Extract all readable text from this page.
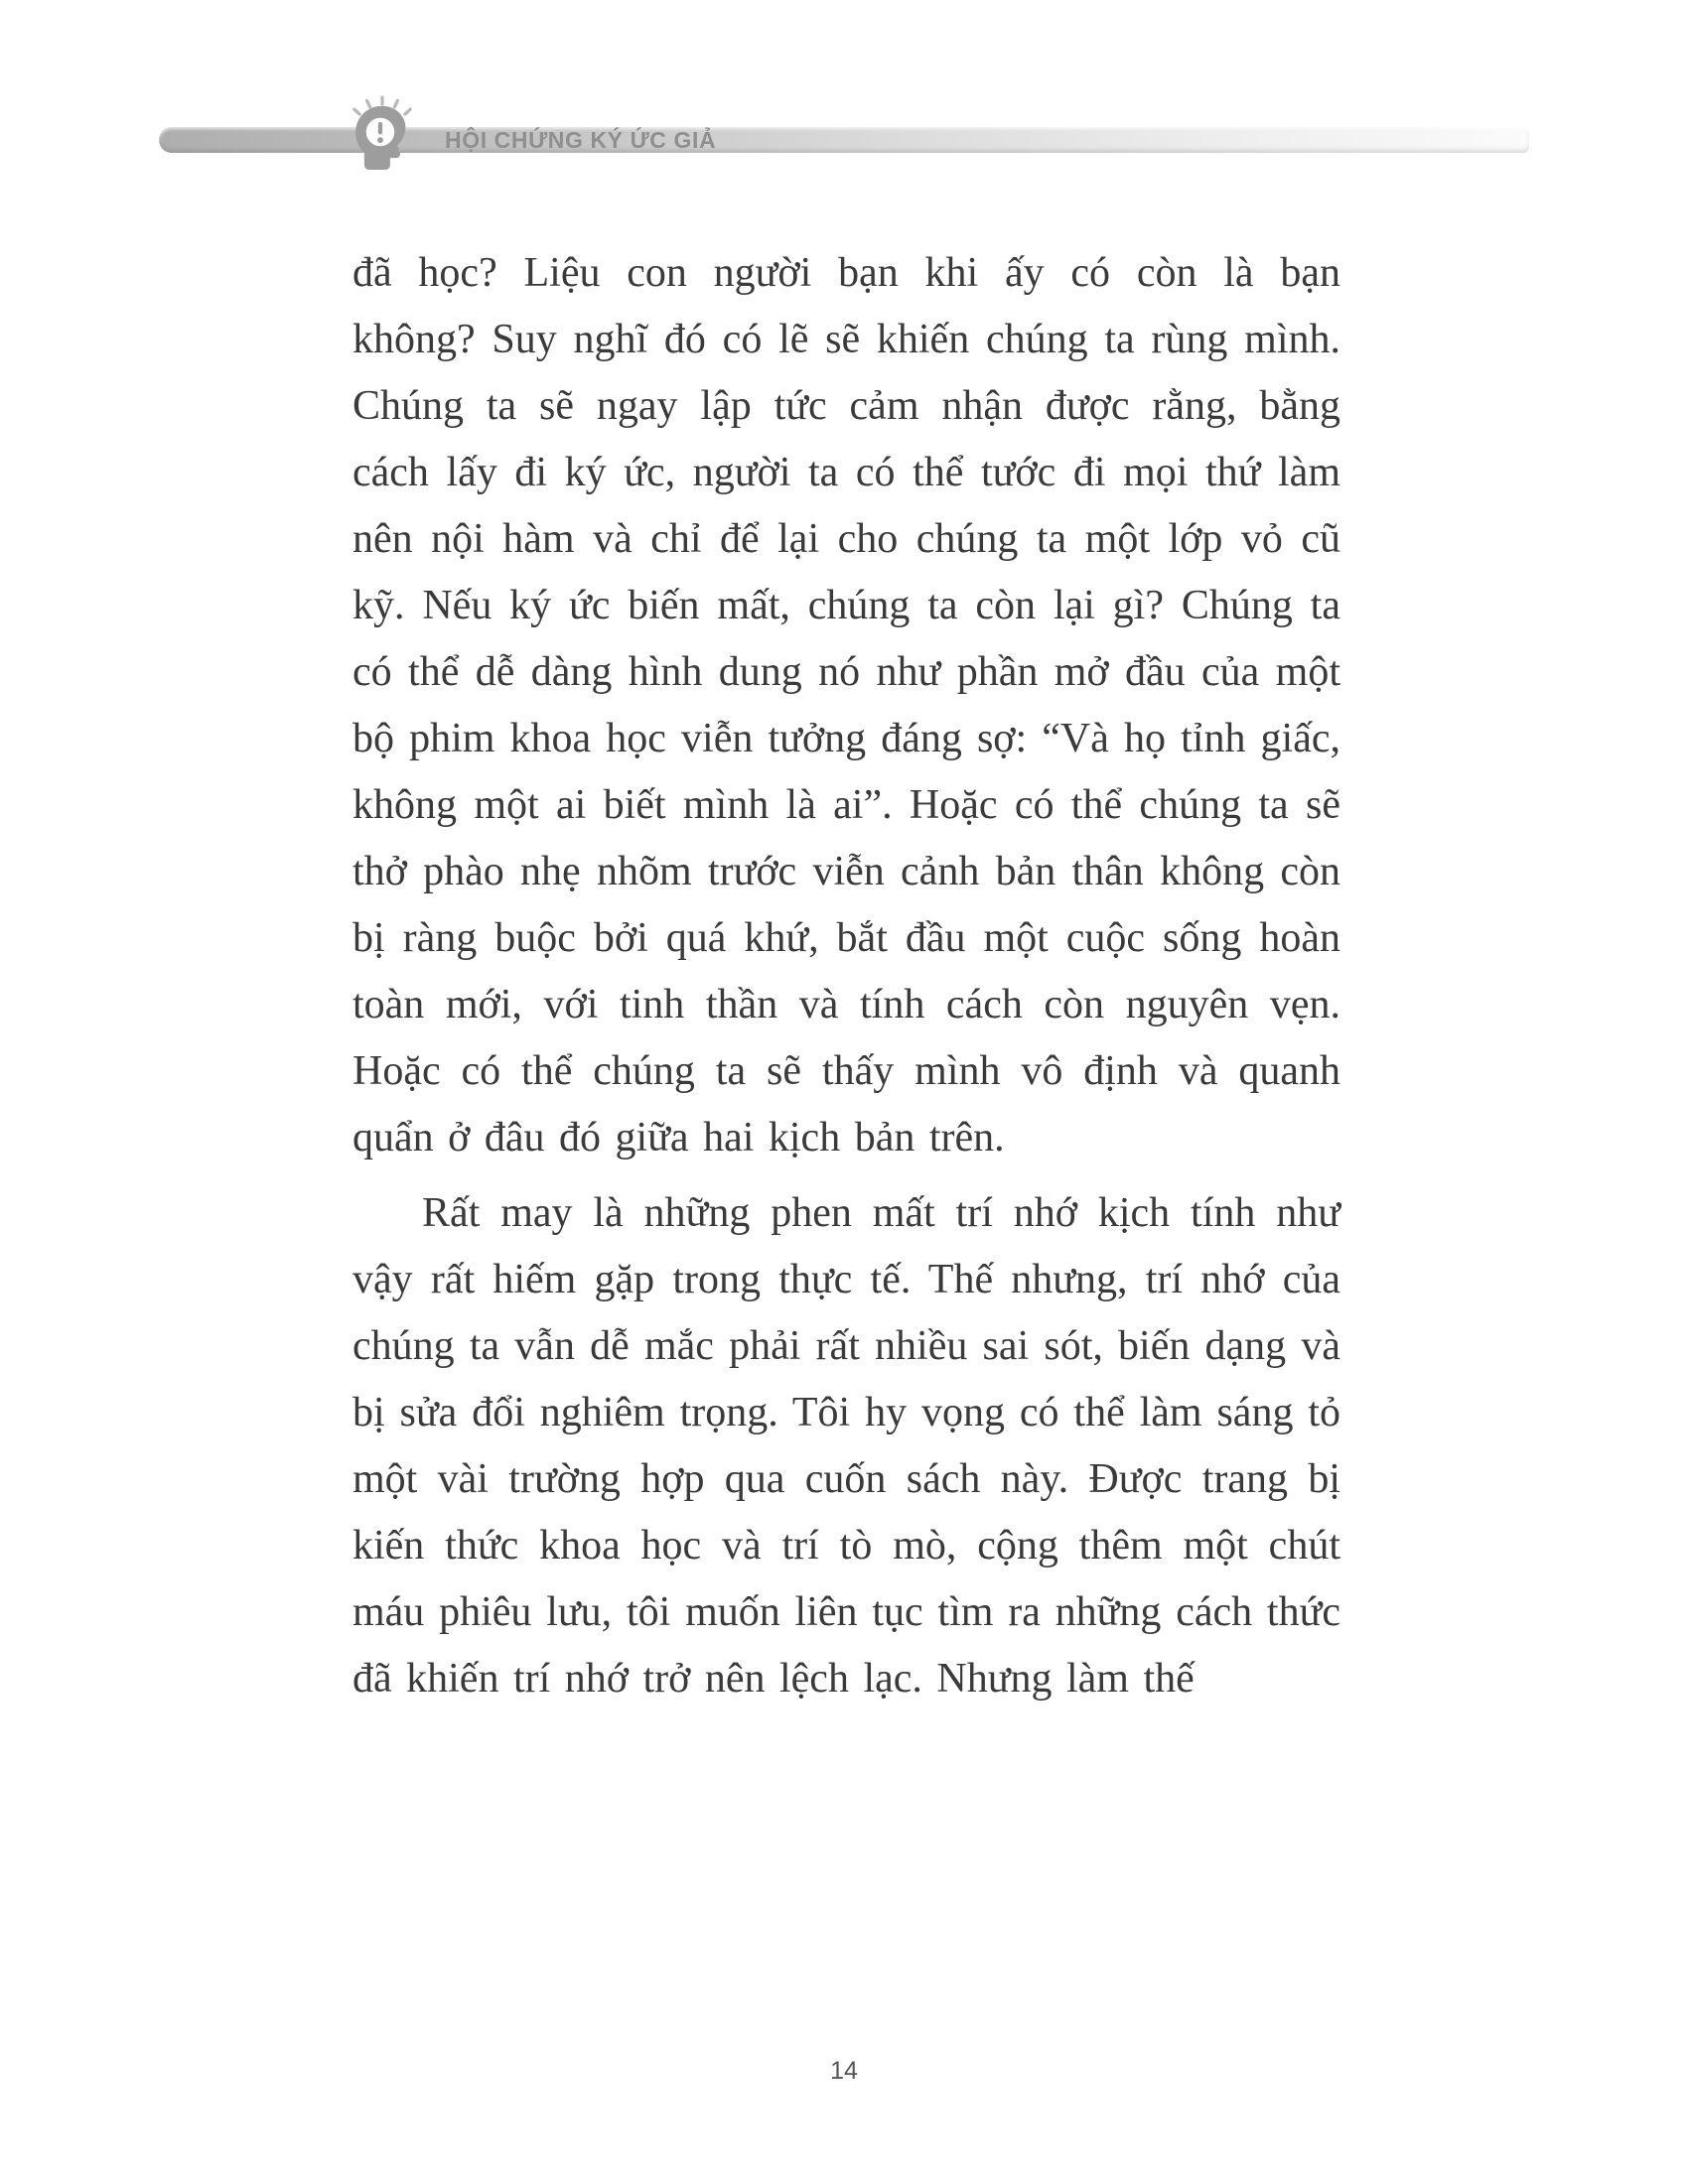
HỘI CHỨNG KÝ ỨC GIẢ

đã học? Liệu con người bạn khi ấy có còn là bạn không? Suy nghĩ đó có lẽ sẽ khiến chúng ta rùng mình. Chúng ta sẽ ngay lập tức cảm nhận được rằng, bằng cách lấy đi ký ức, người ta có thể tước đi mọi thứ làm nên nội hàm và chỉ để lại cho chúng ta một lớp vỏ cũ kỹ. Nếu ký ức biến mất, chúng ta còn lại gì? Chúng ta có thể dễ dàng hình dung nó như phần mở đầu của một bộ phim khoa học viễn tưởng đáng sợ: “Và họ tỉnh giấc, không một ai biết mình là ai”. Hoặc có thể chúng ta sẽ thở phào nhẹ nhõm trước viễn cảnh bản thân không còn bị ràng buộc bởi quá khứ, bắt đầu một cuộc sống hoàn toàn mới, với tinh thần và tính cách còn nguyên vẹn. Hoặc có thể chúng ta sẽ thấy mình vô định và quanh quẩn ở đâu đó giữa hai kịch bản trên.

Rất may là những phen mất trí nhớ kịch tính như vậy rất hiếm gặp trong thực tế. Thế nhưng, trí nhớ của chúng ta vẫn dễ mắc phải rất nhiều sai sót, biến dạng và bị sửa đổi nghiêm trọng. Tôi hy vọng có thể làm sáng tỏ một vài trường hợp qua cuốn sách này. Được trang bị kiến thức khoa học và trí tò mò, cộng thêm một chút máu phiêu lưu, tôi muốn liên tục tìm ra những cách thức đã khiến trí nhớ trở nên lệch lạc. Nhưng làm thế

14
